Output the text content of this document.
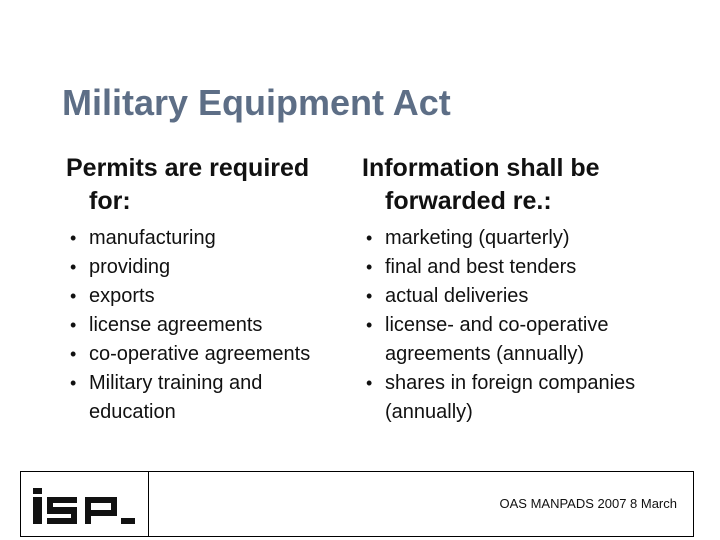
Military Equipment Act
Permits are required for:
• manufacturing
• providing
• exports
• license agreements
• co-operative agreements
• Military training and education
Information shall be forwarded re.:
• marketing (quarterly)
• final and best tenders
• actual deliveries
• license- and co-operative agreements (annually)
• shares in foreign companies (annually)
OAS MANPADS 2007 8 March
